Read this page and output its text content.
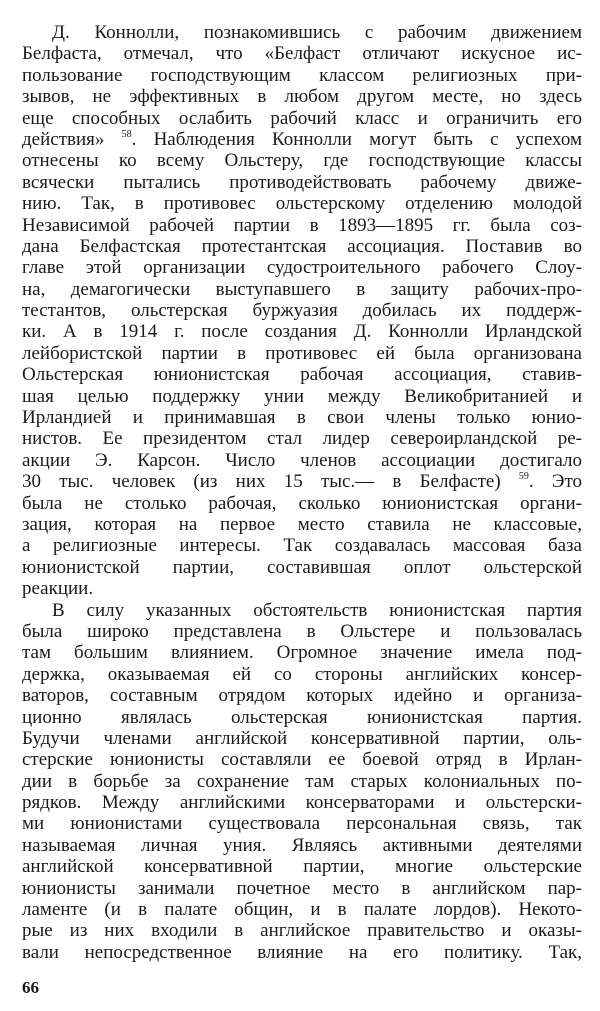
Д. Коннолли, познакомившись с рабочим движением
Белфаста, отмечал, что «Белфаст отличают искусное ис-
пользование господствующим классом религиозных при-
зывов, не эффективных в любом другом месте, но здесь
еще способных ослабить рабочий класс и ограничить его
действия» $^{58}$. Наблюдения Коннолли могут быть с успехом
отнесены ко всему Ольстеру, где господствующие классы
всячески пытались противодействовать рабочему движе-
нию. Так, в противовес ольстерскому отделению молодой
Независимой рабочей партии в 1893—1895 гг. была соз-
дана Белфастская протестантская ассоциация. Поставив во
главе этой организации судостроительного рабочего Слоу-
на, демагогически выступавшего в защиту рабочих-про-
тестантов, ольстерская буржуазия добилась их поддерж-
ки. А в 1914 г. после создания Д. Коннолли Ирландской
лейбористской партии в противовес ей была организована
Ольстерская юнионистская рабочая ассоциация, ставив-
шая целью поддержку унии между Великобританией и
Ирландией и принимавшая в свои члены только юнио-
нистов. Ее президентом стал лидер североирландской ре-
акции Э. Карсон. Число членов ассоциации достигало
30 тыс. человек (из них 15 тыс.— в Белфасте) $^{59}$. Это
была не столько рабочая, сколько юнионистская органи-
зация, которая на первое место ставила не классовые,
а религиозные интересы. Так создавалась массовая база
юнионистской партии, составившая оплот ольстерской
реакции.
В силу указанных обстоятельств юнионистская партия
была широко представлена в Ольстере и пользовалась
там большим влиянием. Огромное значение имела под-
держка, оказываемая ей со стороны английских консер-
ваторов, составным отрядом которых идейно и организа-
ционно являлась ольстерская юнионистская партия.
Будучи членами английской консервативной партии, оль-
стерские юнионисты составляли ее боевой отряд в Ирлан-
дии в борьбе за сохранение там старых колониальных по-
рядков. Между английскими консерваторами и ольстерски-
ми юнионистами существовала персональная связь, так
называемая личная уния. Являясь активными деятелями
английской консервативной партии, многие ольстерские
юнионисты занимали почетное место в английском пар-
ламенте (и в палате общин, и в палате лордов). Некото-
рые из них входили в английское правительство и оказы-
вали непосредственное влияние на его политику. Так,
66
